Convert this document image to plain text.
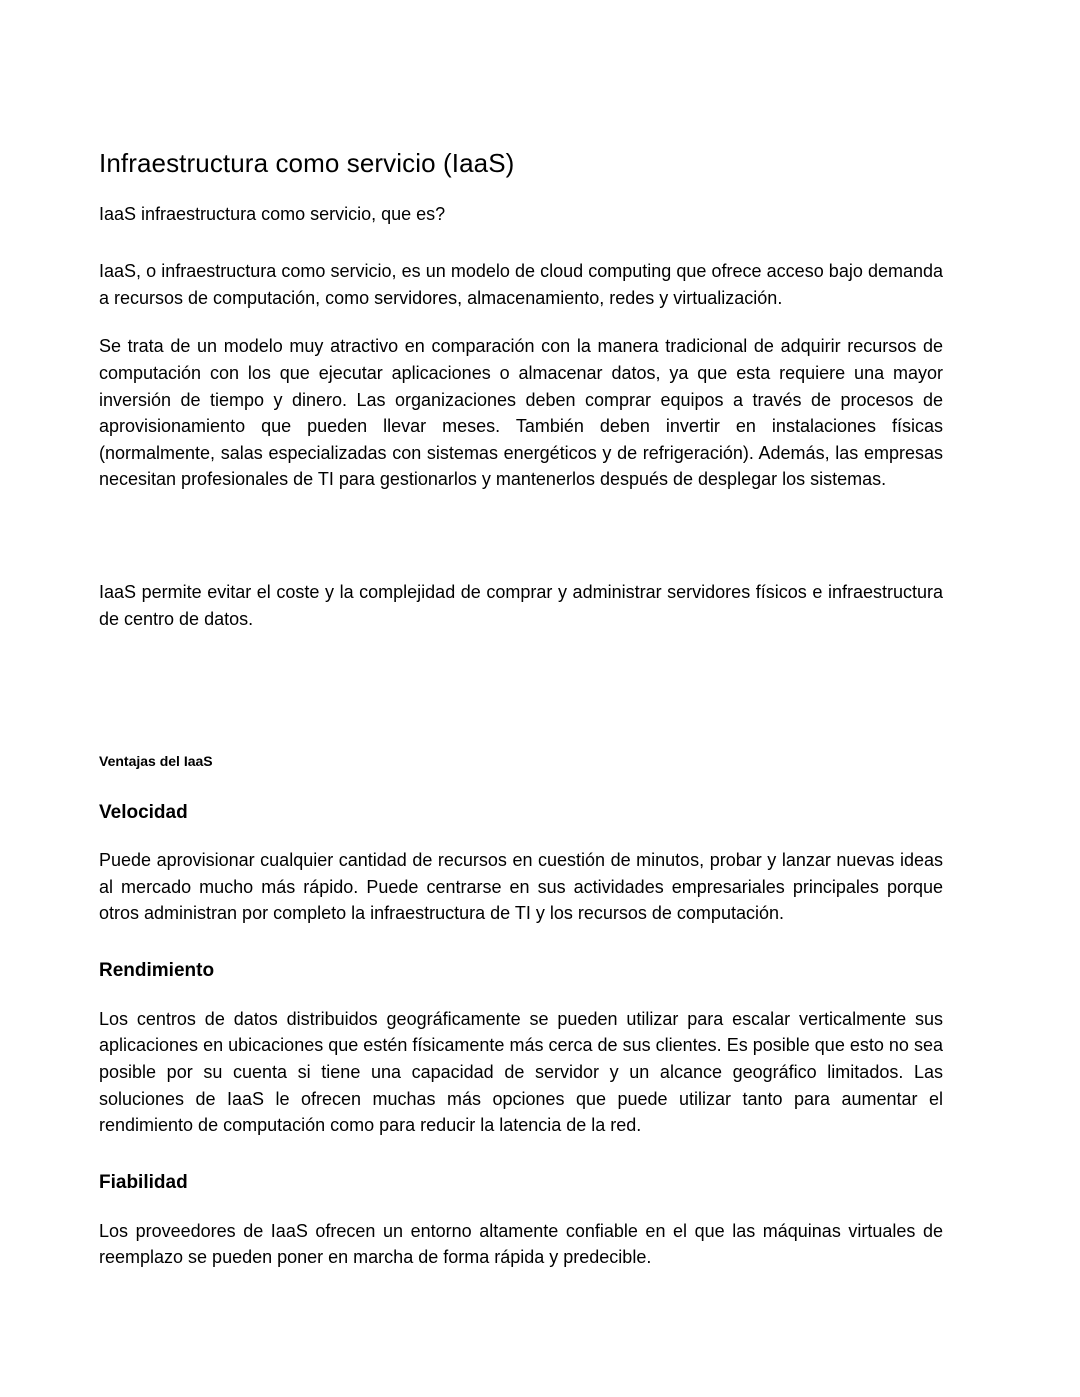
Infraestructura como servicio (IaaS)

IaaS infraestructura como servicio, que es?

IaaS, o infraestructura como servicio, es un modelo de cloud computing que ofrece acceso bajo demanda a recursos de computación, como servidores, almacenamiento, redes y virtualización.

Se trata de un modelo muy atractivo en comparación con la manera tradicional de adquirir recursos de computación con los que ejecutar aplicaciones o almacenar datos, ya que esta requiere una mayor inversión de tiempo y dinero. Las organizaciones deben comprar equipos a través de procesos de aprovisionamiento que pueden llevar meses. También deben invertir en instalaciones físicas (normalmente, salas especializadas con sistemas energéticos y de refrigeración). Además, las empresas necesitan profesionales de TI para gestionarlos y mantenerlos después de desplegar los sistemas.

IaaS permite evitar el coste y la complejidad de comprar y administrar servidores físicos e infraestructura de centro de datos.

Ventajas del IaaS

Velocidad

Puede aprovisionar cualquier cantidad de recursos en cuestión de minutos, probar y lanzar nuevas ideas al mercado mucho más rápido. Puede centrarse en sus actividades empresariales principales porque otros administran por completo la infraestructura de TI y los recursos de computación.

Rendimiento

Los centros de datos distribuidos geográficamente se pueden utilizar para escalar verticalmente sus aplicaciones en ubicaciones que estén físicamente más cerca de sus clientes. Es posible que esto no sea posible por su cuenta si tiene una capacidad de servidor y un alcance geográfico limitados. Las soluciones de IaaS le ofrecen muchas más opciones que puede utilizar tanto para aumentar el rendimiento de computación como para reducir la latencia de la red.

Fiabilidad

Los proveedores de IaaS ofrecen un entorno altamente confiable en el que las máquinas virtuales de reemplazo se pueden poner en marcha de forma rápida y predecible.
